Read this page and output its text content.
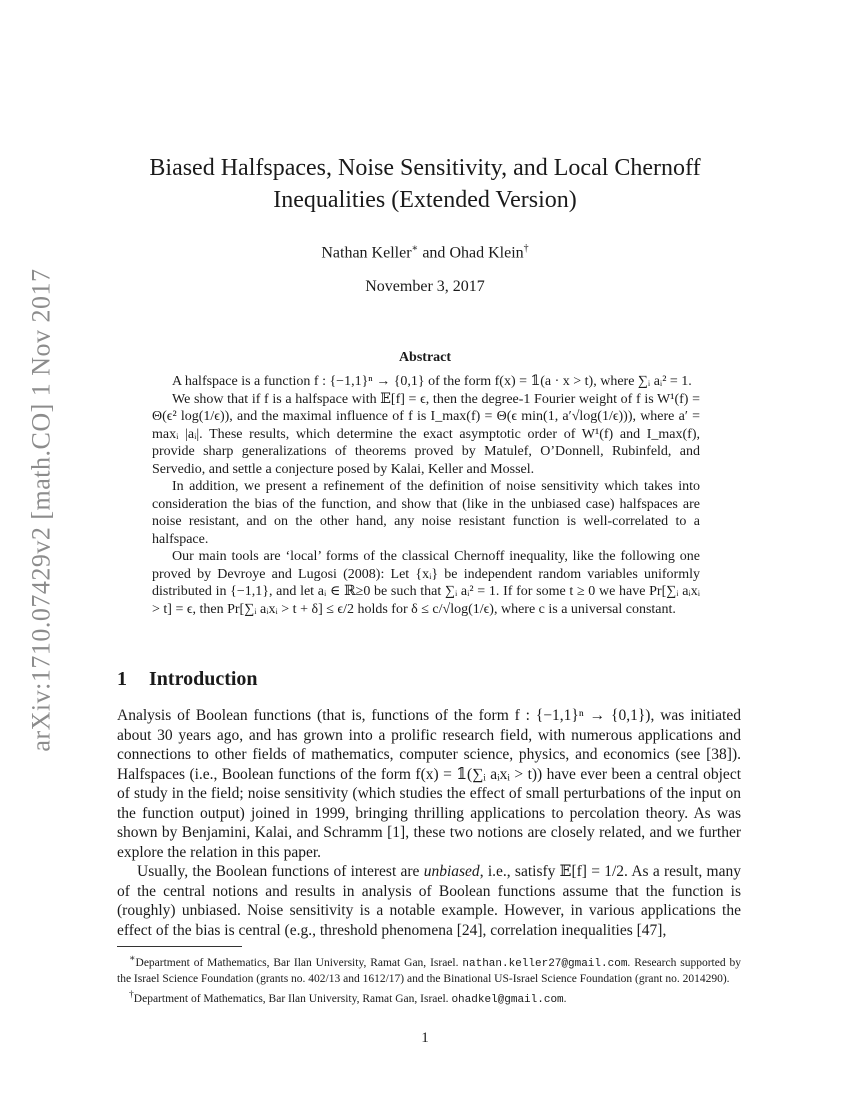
arXiv:1710.07429v2 [math.CO] 1 Nov 2017
Biased Halfspaces, Noise Sensitivity, and Local Chernoff Inequalities (Extended Version)
Nathan Keller∗ and Ohad Klein†
November 3, 2017
Abstract

A halfspace is a function f : {−1,1}ⁿ → {0,1} of the form f(x) = 𝟙(a · x > t), where ∑ᵢ aᵢ² = 1.

We show that if f is a halfspace with 𝔼[f] = ϵ, then the degree-1 Fourier weight of f is W¹(f) = Θ(ϵ² log(1/ϵ)), and the maximal influence of f is I_max(f) = Θ(ϵ min(1, a′√log(1/ϵ))), where a′ = maxᵢ |aᵢ|. These results, which determine the exact asymptotic order of W¹(f) and I_max(f), provide sharp generalizations of theorems proved by Matulef, O’Donnell, Rubinfeld, and Servedio, and settle a conjecture posed by Kalai, Keller and Mossel.

In addition, we present a refinement of the definition of noise sensitivity which takes into consideration the bias of the function, and show that (like in the unbiased case) halfspaces are noise resistant, and on the other hand, any noise resistant function is well-correlated to a halfspace.

Our main tools are ‘local’ forms of the classical Chernoff inequality, like the following one proved by Devroye and Lugosi (2008): Let {xᵢ} be independent random variables uniformly distributed in {−1,1}, and let aᵢ ∈ ℝ≥0 be such that ∑ᵢ aᵢ² = 1. If for some t ≥ 0 we have Pr[∑ᵢ aᵢxᵢ > t] = ϵ, then Pr[∑ᵢ aᵢxᵢ > t + δ] ≤ ϵ/2 holds for δ ≤ c/√log(1/ϵ), where c is a universal constant.

1 Introduction

Analysis of Boolean functions (that is, functions of the form f : {−1,1}ⁿ → {0,1}), was initiated about 30 years ago, and has grown into a prolific research field, with numerous applications and connections to other fields of mathematics, computer science, physics, and economics (see [38]). Halfspaces (i.e., Boolean functions of the form f(x) = 𝟙(∑ᵢ aᵢxᵢ > t)) have ever been a central object of study in the field; noise sensitivity (which studies the effect of small perturbations of the input on the function output) joined in 1999, bringing thrilling applications to percolation theory. As was shown by Benjamini, Kalai, and Schramm [1], these two notions are closely related, and we further explore the relation in this paper.

Usually, the Boolean functions of interest are unbiased, i.e., satisfy 𝔼[f] = 1/2. As a result, many of the central notions and results in analysis of Boolean functions assume that the function is (roughly) unbiased. Noise sensitivity is a notable example. However, in various applications the effect of the bias is central (e.g., threshold phenomena [24], correlation inequalities [47],

∗Department of Mathematics, Bar Ilan University, Ramat Gan, Israel. nathan.keller27@gmail.com. Research supported by the Israel Science Foundation (grants no. 402/13 and 1612/17) and the Binational US-Israel Science Foundation (grant no. 2014290).

†Department of Mathematics, Bar Ilan University, Ramat Gan, Israel. ohadkel@gmail.com.

1
